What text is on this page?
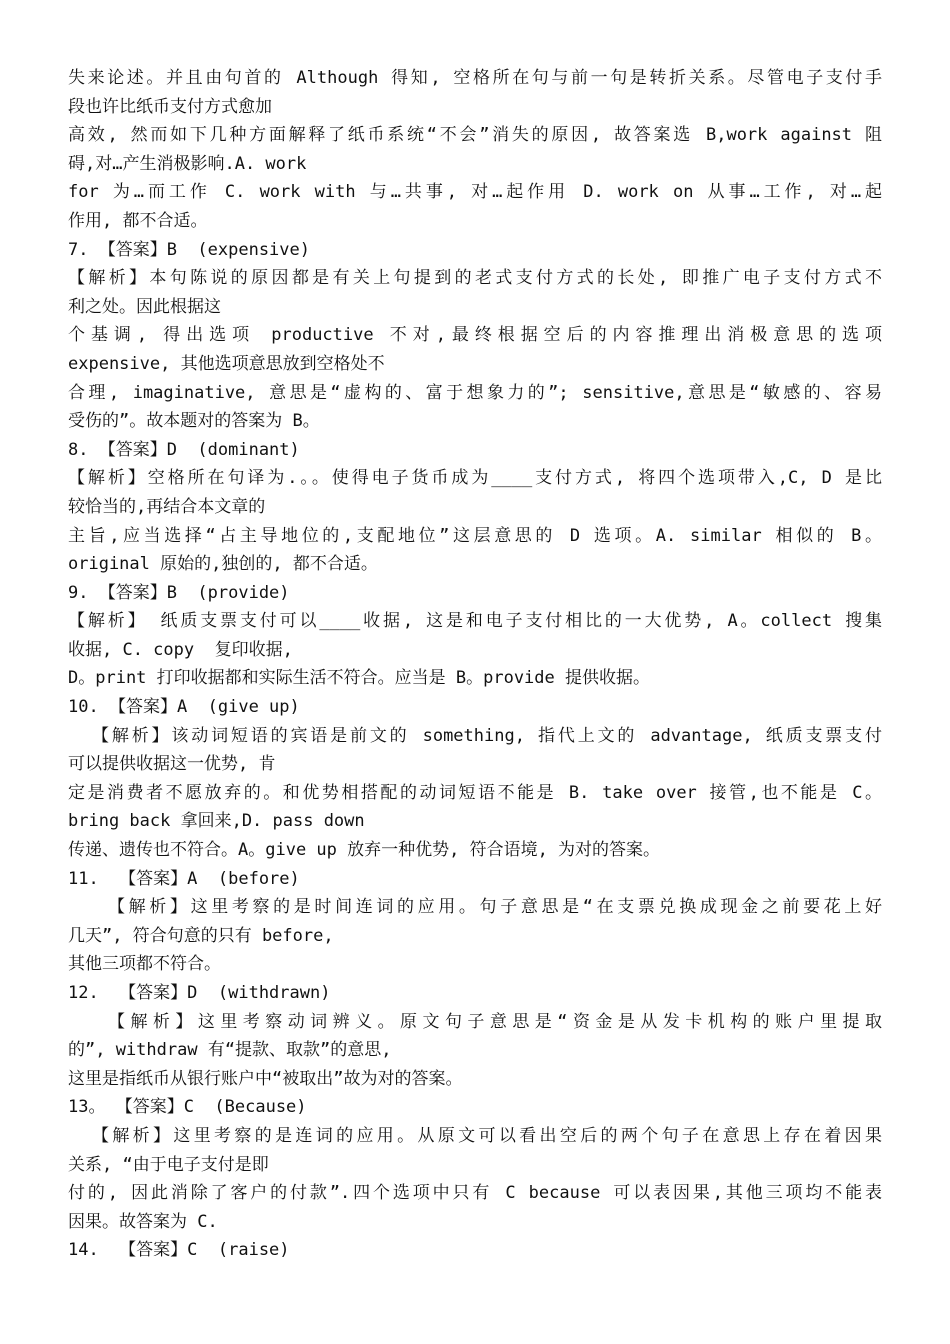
失来论述。并且由句首的 Although 得知, 空格所在句与前一句是转折关系。尽管电子支付手
段也许比纸币支付方式愈加
高效, 然而如下几种方面解释了纸币系统“不会”消失的原因, 故答案选 B,work against 阻
碍,对…产生消极影响.A. work
for 为…而工作 C. work with 与…共事, 对…起作用 D. work on 从事…工作, 对…起
作用, 都不合适。
7. 【答案】B  (expensive)
【解析】本句陈说的原因都是有关上句提到的老式支付方式的长处, 即推广电子支付方式不
利之处。因此根据这
个基调, 得出选项 productive 不对,最终根据空后的内容推理出消极意思的选项
expensive, 其他选项意思放到空格处不
合理, imaginative, 意思是“虚构的、富于想象力的”; sensitive,意思是“敏感的、容易
受伤的”。故本题对的答案为 B。
8. 【答案】D  (dominant)
【解析】空格所在句译为.。。使得电子货币成为____支付方式, 将四个选项带入,C, D 是比
较恰当的,再结合本文章的
主旨,应当选择“占主导地位的,支配地位”这层意思的 D 选项。A. similar 相似的 B。
original 原始的,独创的, 都不合适。
9. 【答案】B  (provide)
【解析】 纸质支票支付可以____收据, 这是和电子支付相比的一大优势, A。collect 搜集
收据, C. copy  复印收据,
D。print 打印收据都和实际生活不符合。应当是 B。provide 提供收据。
10. 【答案】A  (give up)
【解析】该动词短语的宾语是前文的 something, 指代上文的 advantage, 纸质支票支付
可以提供收据这一优势, 肯
定是消费者不愿放弃的。和优势相搭配的动词短语不能是 B. take over 接管,也不能是 C。
bring back 拿回来,D. pass down
传递、遗传也不符合。A。give up 放弃一种优势, 符合语境, 为对的答案。
11.  【答案】A  (before)
【解析】这里考察的是时间连词的应用。句子意思是“在支票兑换成现金之前要花上好
几天”, 符合句意的只有 before,
其他三项都不符合。
12.  【答案】D  (withdrawn)
【解析】这里考察动词辨义。原文句子意思是“资金是从发卡机构的账户里提取
的”, withdraw 有“提款、取款”的意思,
这里是指纸币从银行账户中“被取出”故为对的答案。
13。 【答案】C  (Because)
【解析】这里考察的是连词的应用。从原文可以看出空后的两个句子在意思上存在着因果
关系, “由于电子支付是即
付的, 因此消除了客户的付款”.四个选项中只有 C because 可以表因果,其他三项均不能表
因果。故答案为 C.
14.  【答案】C  (raise)
